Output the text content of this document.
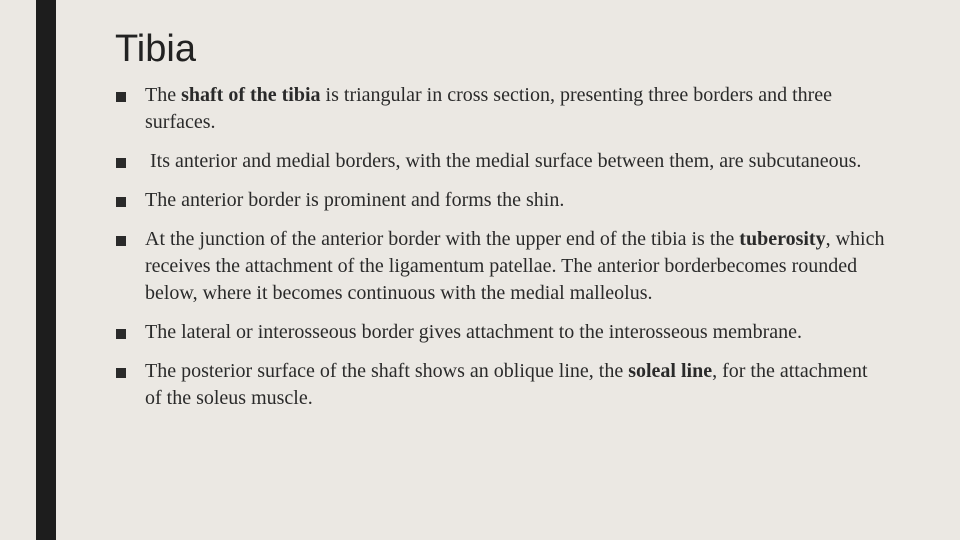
Tibia
The shaft of the tibia is triangular in cross section, presenting three borders and three surfaces.
Its anterior and medial borders, with the medial surface between them, are subcutaneous.
The anterior border is prominent and forms the shin.
At the junction of the anterior border with the upper end of the tibia is the tuberosity, which receives the attachment of the ligamentum patellae. The anterior borderbecomes rounded below, where it becomes continuous with the medial malleolus.
The lateral or interosseous border gives attachment to the interosseous membrane.
The posterior surface of the shaft shows an oblique line, the soleal line, for the attachment of the soleus muscle.
